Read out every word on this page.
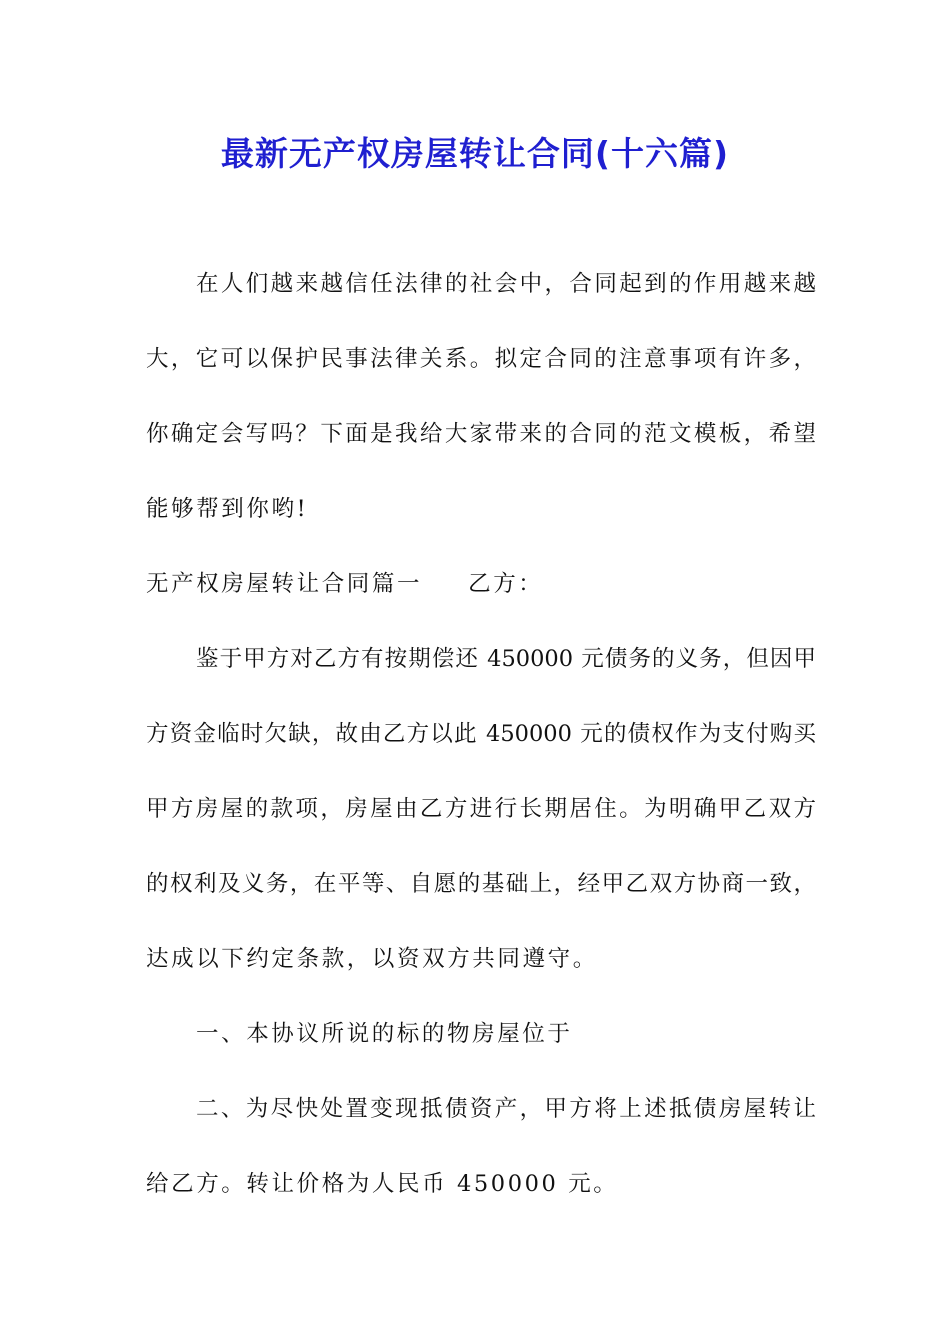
最新无产权房屋转让合同(十六篇)
在人们越来越信任法律的社会中，合同起到的作用越来越
大，它可以保护民事法律关系。拟定合同的注意事项有许多，
你确定会写吗？下面是我给大家带来的合同的范文模板，希望
能够帮到你哟!
无产权房屋转让合同篇一 乙方：
鉴于甲方对乙方有按期偿还 450000 元债务的义务，但因甲
方资金临时欠缺，故由乙方以此 450000 元的债权作为支付购买
甲方房屋的款项，房屋由乙方进行长期居住。为明确甲乙双方
的权利及义务，在平等、自愿的基础上，经甲乙双方协商一致，
达成以下约定条款，以资双方共同遵守。
一、本协议所说的标的物房屋位于
二、为尽快处置变现抵债资产，甲方将上述抵债房屋转让
给乙方。转让价格为人民币 450000 元。
